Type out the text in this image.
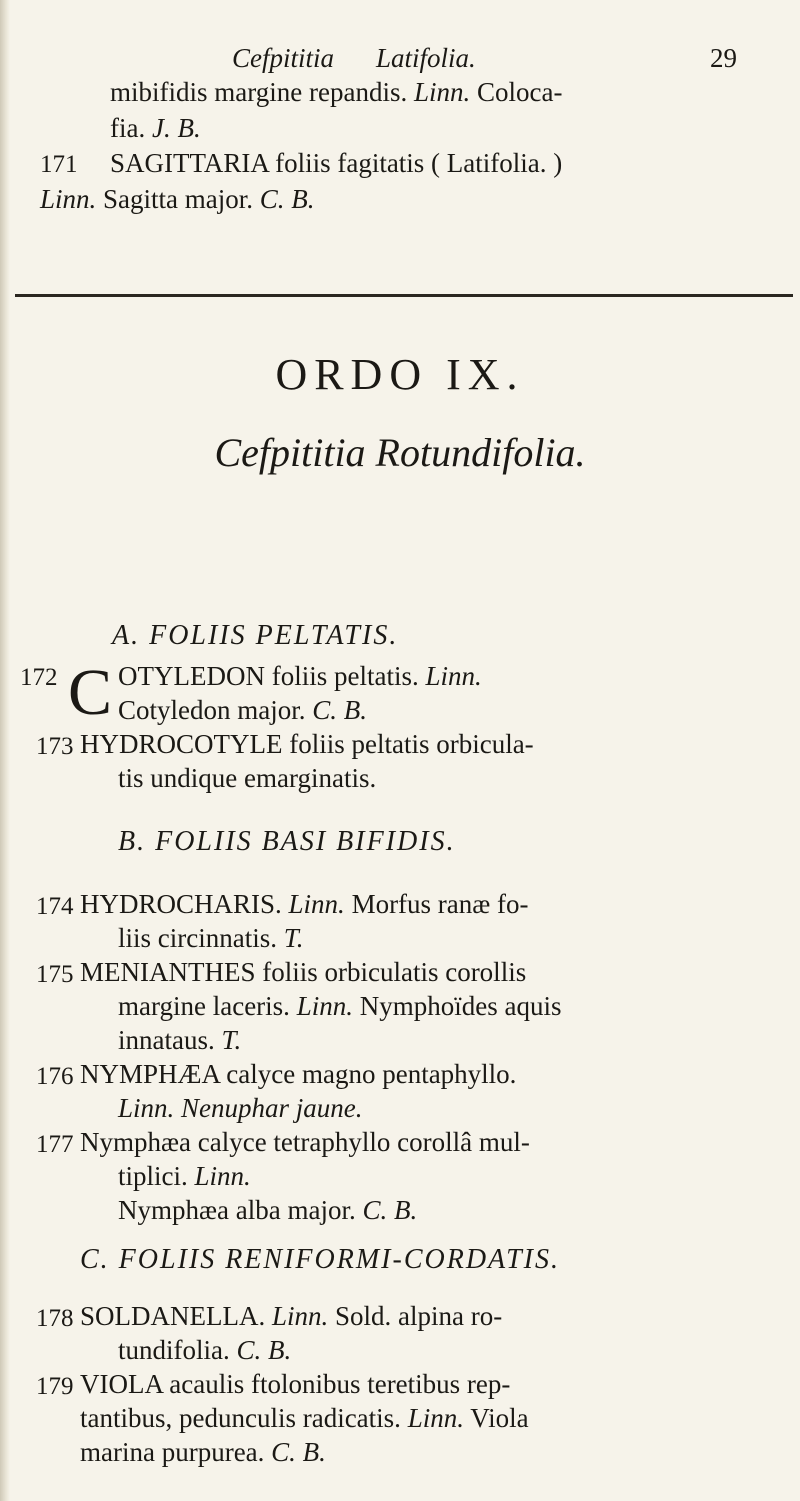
Cefpititia Latifolia.	29
mibifidis margine repandis. Linn. Coloca-
fia. J. B.
171 SAGITTARIA foliis fagitatis ( Latifolia. )
Linn. Sagitta major. C. B.
ORDO IX.
Cefpititia Rotundifolia.
A. FOLIIS PELTATIS.
172 C OTYLEDON foliis peltatis. Linn.
Cotyledon major. C. B.
173 HYDROCOTYLE foliis peltatis orbicula-
tis undique emarginatis.
B. FOLIIS BASI BIFIDIS.
174 HYDROCHARIS. Linn. Morfus ranæ fo-
liis circinnatis. T.
175 MENIANTHES foliis orbiculatis corollis
margine laceris. Linn. Nymphoïdes aquis
innataus. T.
176 NYMPHÆA calyce magno pentaphyllo.
Linn. Nenuphar jaune.
177 Nymphæa calyce tetraphyllo corollâ mul-
tiplici. Linn.
Nymphæa alba major. C. B.
C. FOLIIS RENIFORMI-CORDATIS.
178 SOLDANELLA. Linn. Sold. alpina ro-
tundifolia. C. B.
179 VIOLA acaulis ftolonibus teretibus rep-
tantibus, pedunculis radicatis. Linn. Viola
marina purpurea. C. B.
